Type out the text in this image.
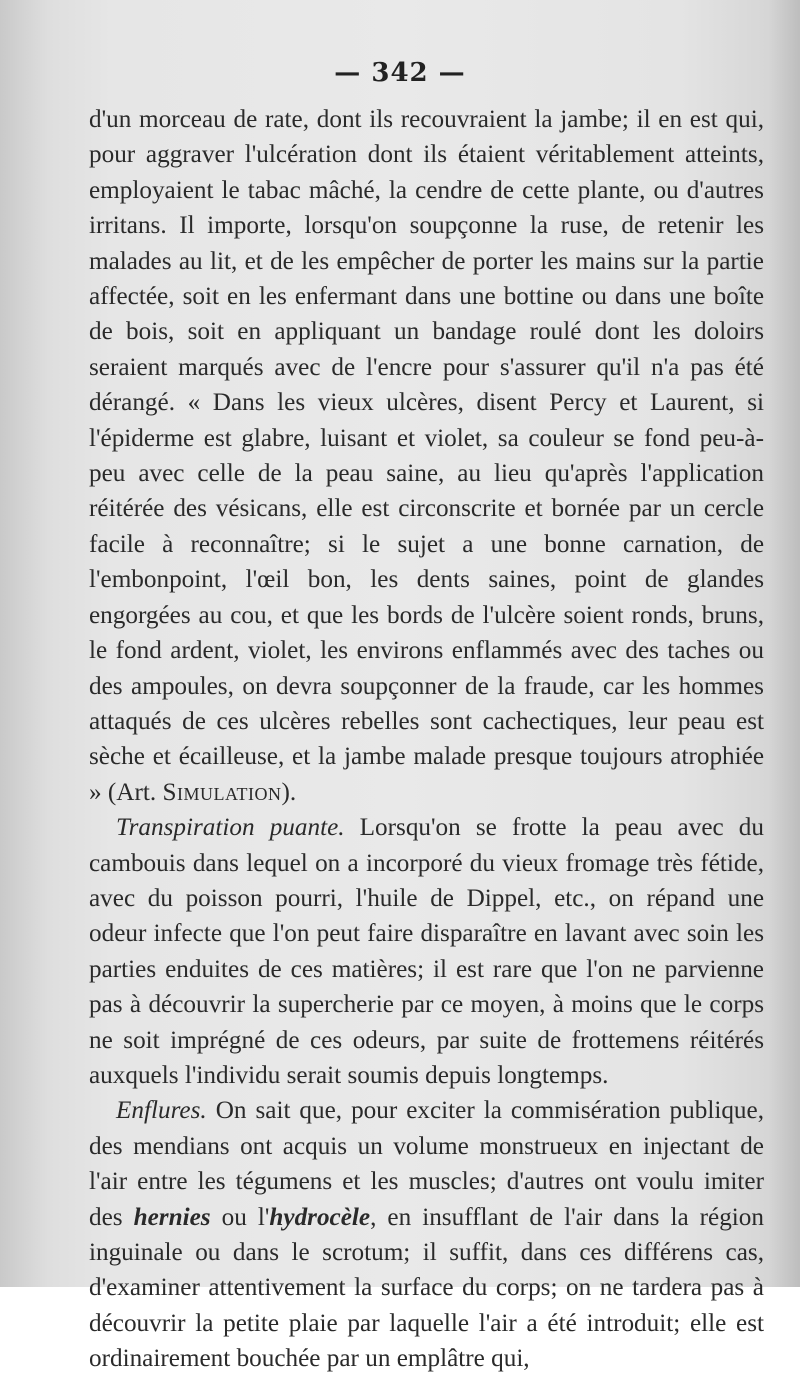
— 342 —

d'un morceau de rate, dont ils recouvraient la jambe; il en est qui, pour aggraver l'ulcération dont ils étaient véritablement atteints, employaient le tabac mâché, la cendre de cette plante, ou d'autres irritans. Il importe, lorsqu'on soupçonne la ruse, de retenir les malades au lit, et de les empêcher de porter les mains sur la partie affectée, soit en les enfermant dans une bottine ou dans une boîte de bois, soit en appliquant un bandage roulé dont les doloirs seraient marqués avec de l'encre pour s'assurer qu'il n'a pas été dérangé. « Dans les vieux ulcères, disent Percy et Laurent, si l'épiderme est glabre, luisant et violet, sa couleur se fond peu-à-peu avec celle de la peau saine, au lieu qu'après l'application réitérée des vésicans, elle est circonscrite et bornée par un cercle facile à reconnaître; si le sujet a une bonne carnation, de l'embonpoint, l'œil bon, les dents saines, point de glandes engorgées au cou, et que les bords de l'ulcère soient ronds, bruns, le fond ardent, violet, les environs enflammés avec des taches ou des ampoules, on devra soupçonner de la fraude, car les hommes attaqués de ces ulcères rebelles sont cachectiques, leur peau est sèche et écailleuse, et la jambe malade presque toujours atrophiée » (Art. Simulation).

Transpiration puante. Lorsqu'on se frotte la peau avec du cambouis dans lequel on a incorporé du vieux fromage très fétide, avec du poisson pourri, l'huile de Dippel, etc., on répand une odeur infecte que l'on peut faire disparaître en lavant avec soin les parties enduites de ces matières; il est rare que l'on ne parvienne pas à découvrir la supercherie par ce moyen, à moins que le corps ne soit imprégné de ces odeurs, par suite de frottemens réitérés auxquels l'individu serait soumis depuis longtemps.

Enflures. On sait que, pour exciter la commisération publique, des mendians ont acquis un volume monstrueux en injectant de l'air entre les tégumens et les muscles; d'autres ont voulu imiter des hernies ou l'hydrocèle, en insufflant de l'air dans la région inguinale ou dans le scrotum; il suffit, dans ces différens cas, d'examiner attentivement la surface du corps; on ne tardera pas à découvrir la petite plaie par laquelle l'air a été introduit; elle est ordinairement bouchée par un emplâtre qui,
